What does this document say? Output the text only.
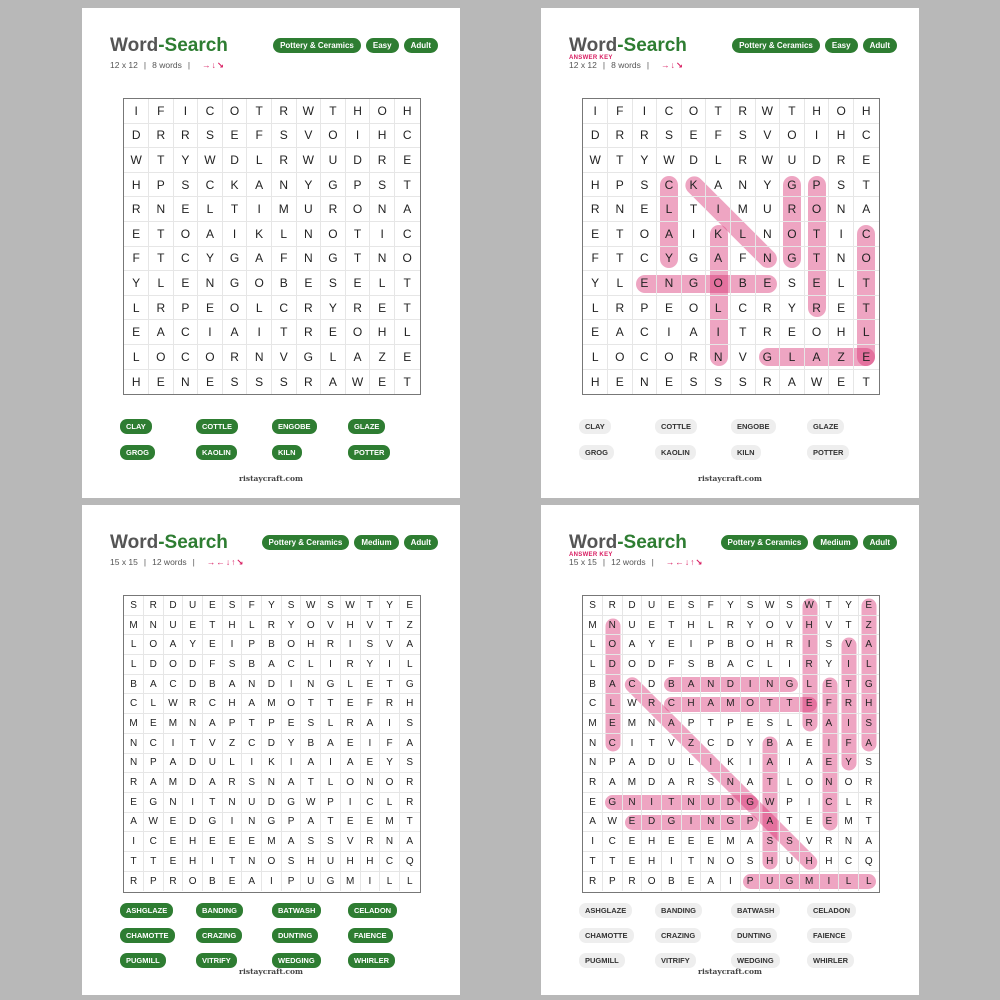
Word-Search
12 x 12 | 8 words | →↓↘
Pottery & Ceramics	Easy	Adult
I	F	I	C	O	T	R	W	T	H	O	H
D	R	R	S	E	F	S	V	O	I	H	C
W	T	Y	W	D	L	R	W	U	D	R	E
H	P	S	C	K	A	N	Y	G	P	S	T
R	N	E	L	T	I	M	U	R	O	N	A
E	T	O	A	I	K	L	N	O	T	I	C
F	T	C	Y	G	A	F	N	G	T	N	O
Y	L	E	N	G	O	B	E	S	E	L	T
L	R	P	E	O	L	C	R	Y	R	E	T
E	A	C	I	A	I	T	R	E	O	H	L
L	O	C	O	R	N	V	G	L	A	Z	E
H	E	N	E	S	S	S	R	A	W	E	T
CLAY	COTTLE	ENGOBE	GLAZE
GROG	KAOLIN	KILN	POTTER
ristaycraft.com
Word-Search
ANSWER KEY
12 x 12 | 8 words | →↓↘
Pottery & Ceramics	Easy	Adult
I	F	I	C	O	T	R	W	T	H	O	H
D	R	R	S	E	F	S	V	O	I	H	C
W	T	Y	W	D	L	R	W	U	D	R	E
H	P	S	C	K	A	N	Y	G	P	S	T
R	N	E	L	T	I	M	U	R	O	N	A
E	T	O	A	I	K	L	N	O	T	I	C
F	T	C	Y	G	A	F	N	G	T	N	O
Y	L	E	N	G	O	B	E	S	E	L	T
L	R	P	E	O	L	C	R	Y	R	E	T
E	A	C	I	A	I	T	R	E	O	H	L
L	O	C	O	R	N	V	G	L	A	Z	E
H	E	N	E	S	S	S	R	A	W	E	T
CLAY	COTTLE	ENGOBE	GLAZE
GROG	KAOLIN	KILN	POTTER
ristaycraft.com
Word-Search
15 x 15 | 12 words | →←↓↑↘
Pottery & Ceramics	Medium	Adult
S	R	D	U	E	S	F	Y	S	W	S	W	T	Y	E
M	N	U	E	T	H	L	R	Y	O	V	H	V	T	Z
L	O	A	Y	E	I	P	B	O	H	R	I	S	V	A
L	D	O	D	F	S	B	A	C	L	I	R	Y	I	L
B	A	C	D	B	A	N	D	I	N	G	L	E	T	G
C	L	W	R	C	H	A	M	O	T	T	E	F	R	H
M	E	M	N	A	P	T	P	E	S	L	R	A	I	S
N	C	I	T	V	Z	C	D	Y	B	A	E	I	F	A
N	P	A	D	U	L	I	K	I	A	I	A	E	Y	S
R	A	M	D	A	R	S	N	A	T	L	O	N	O	R
E	G	N	I	T	N	U	D	G	W	P	I	C	L	R
A	W	E	D	G	I	N	G	P	A	T	E	E	M	T
I	C	E	H	E	E	E	M	A	S	S	V	R	N	A
T	T	E	H	I	T	N	O	S	H	U	H	H	C	Q
R	P	R	O	B	E	A	I	P	U	G	M	I	L	L
ASHGLAZE	BANDING	BATWASH	CELADON
CHAMOTTE	CRAZING	DUNTING	FAIENCE
PUGMILL	VITRIFY	WEDGING	WHIRLER
ristaycraft.com
Word-Search
ANSWER KEY
15 x 15 | 12 words | →←↓↑↘
Pottery & Ceramics	Medium	Adult
S	R	D	U	E	S	F	Y	S	W	S	W	T	Y	E
M	N	U	E	T	H	L	R	Y	O	V	H	V	T	Z
L	O	A	Y	E	I	P	B	O	H	R	I	S	V	A
L	D	O	D	F	S	B	A	C	L	I	R	Y	I	L
B	A	C	D	B	A	N	D	I	N	G	L	E	T	G
C	L	W	R	C	H	A	M	O	T	T	E	F	R	H
M	E	M	N	A	P	T	P	E	S	L	R	A	I	S
N	C	I	T	V	Z	C	D	Y	B	A	E	I	F	A
N	P	A	D	U	L	I	K	I	A	I	A	E	Y	S
R	A	M	D	A	R	S	N	A	T	L	O	N	O	R
E	G	N	I	T	N	U	D	G	W	P	I	C	L	R
A	W	E	D	G	I	N	G	P	A	T	E	E	M	T
I	C	E	H	E	E	E	M	A	S	S	V	R	N	A
T	T	E	H	I	T	N	O	S	H	U	H	H	C	Q
R	P	R	O	B	E	A	I	P	U	G	M	I	L	L
ASHGLAZE	BANDING	BATWASH	CELADON
CHAMOTTE	CRAZING	DUNTING	FAIENCE
PUGMILL	VITRIFY	WEDGING	WHIRLER
ristaycraft.com
